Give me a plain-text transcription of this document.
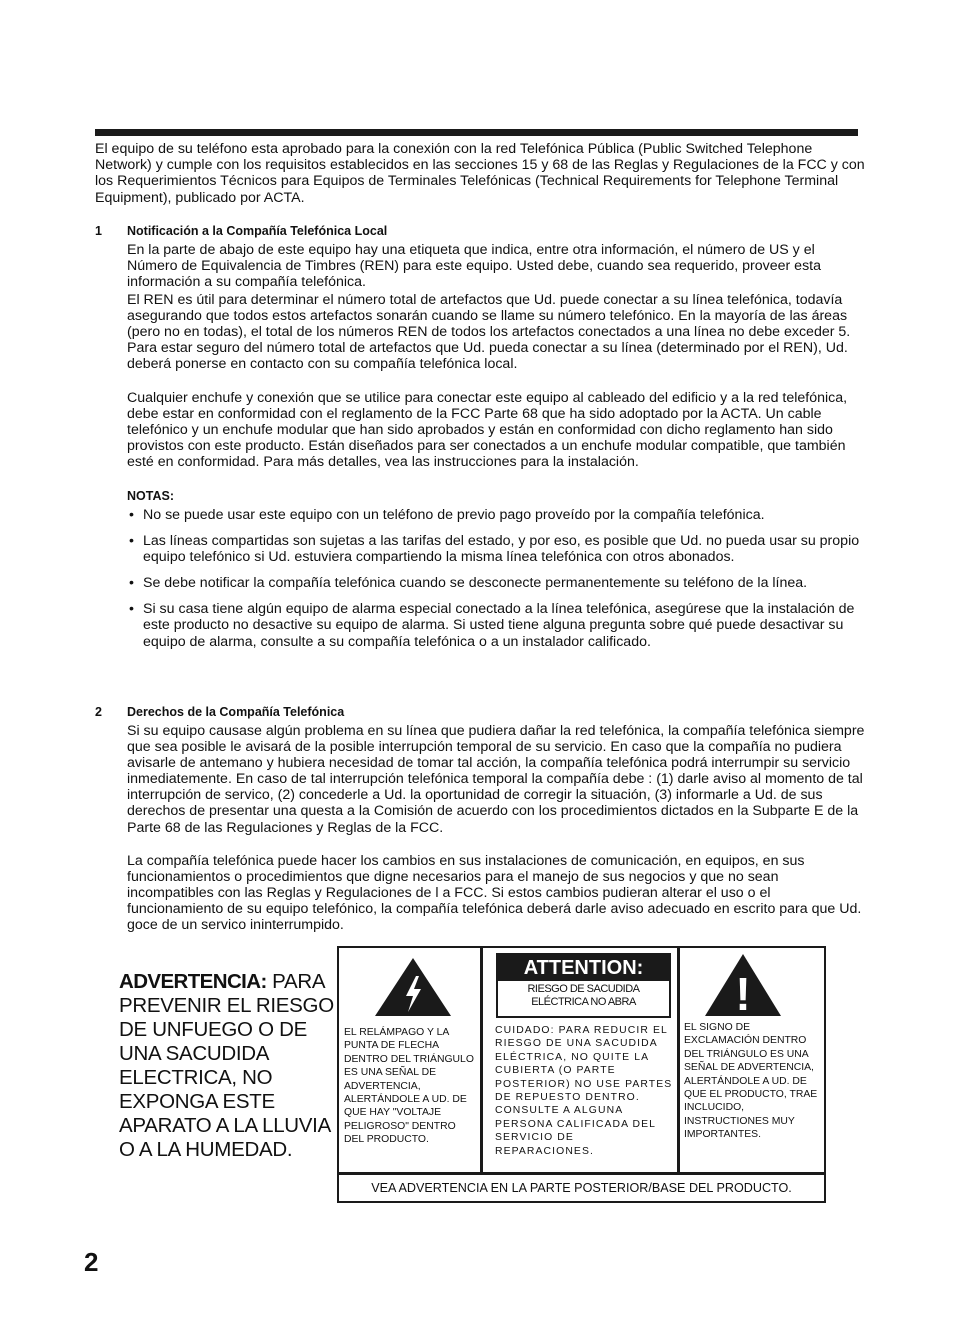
El equipo de su teléfono esta aprobado para la conexión con la red Telefónica Pública (Public Switched Telephone Network) y cumple con los requisitos establecidos en las secciones 15 y 68 de las Reglas y Regulaciones de la FCC y con los Requerimientos Técnicos para Equipos de Terminales Telefónicas (Technical Requirements for Telephone Terminal Equipment), publicado por ACTA.
1 Notificación a la Compañía Telefónica Local
En la parte de abajo de este equipo hay una etiqueta que indica, entre otra información, el número de US y el Número de Equivalencia de Timbres (REN) para este equipo. Usted debe, cuando sea requerido, proveer esta información a su compañía telefónica.
El REN es útil para determinar el número total de artefactos que Ud. puede conectar a su línea telefónica, todavía asegurando que todos estos artefactos sonarán cuando se llame su número telefónico. En la mayoría de las áreas (pero no en todas), el total de los números REN de todos los artefactos conectados a una línea no debe exceder 5. Para estar seguro del número total de artefactos que Ud. pueda conectar a su línea (determinado por el REN), Ud. deberá ponerse en contacto con su compañía telefónica local.
Cualquier enchufe y conexión que se utilice para conectar este equipo al cableado del edificio y a la red telefónica, debe estar en conformidad con el reglamento de la FCC Parte 68 que ha sido adoptado por la ACTA. Un cable telefónico y un enchufe modular que han sido aprobados y están en conformidad con dicho reglamento han sido provistos con este producto. Están diseñados para ser conectados a un enchufe modular compatible, que también esté en conformidad. Para más detalles, vea las instrucciones para la instalación.
NOTAS:
• No se puede usar este equipo con un teléfono de previo pago proveído por la compañía telefónica.
• Las líneas compartidas son sujetas a las tarifas del estado, y por eso, es posible que Ud. no pueda usar su propio equipo telefónico si Ud. estuviera compartiendo la misma línea telefónica con otros abonados.
• Se debe notificar la compañía telefónica cuando se desconecte permanentemente su teléfono de la línea.
• Si su casa tiene algún equipo de alarma especial conectado a la línea telefónica, asegúrese que la instalación de este producto no desactive su equipo de alarma. Si usted tiene alguna pregunta sobre qué puede desactivar su equipo de alarma, consulte a su compañía telefónica o a un instalador calificado.
2 Derechos de la Compañía Telefónica
Si su equipo causase algún problema en su línea que pudiera dañar la red telefónica, la compañía telefónica siempre que sea posible le avisará de la posible interrupción temporal de su servicio. En caso que la compañía no pudiera avisarle de antemano y hubiera necesidad de tomar tal acción, la compañía telefónica podrá interrumpir su servicio inmediatemente. En caso de tal interrupción telefónica temporal la compañía debe : (1) darle aviso al momento de tal interrupción de servico, (2) concederle a Ud. la oportunidad de corregir la situación, (3) informarle a Ud. de sus derechos de presentar una questa a la Comisión de acuerdo con los procedimientos dictados en la Subparte E de la Parte 68 de las Regulaciones y Reglas de la FCC.
La compañía telefónica puede hacer los cambios en sus instalaciones de comunicación, en equipos, en sus funcionamientos o procedimientos que digne necesarios para el manejo de sus negocios y que no sean incompatibles con las Reglas y Regulaciones de l a FCC. Si estos cambios pudieran alterar el uso o el funcionamiento de su equipo telefónico, la compañía telefónica deberá darle aviso adecuado en escrito para que Ud. goce de un servico ininterrumpido.
ADVERTENCIA: PARA PREVENIR EL RIESGO DE UNFUEGO O DE UNA SACUDIDA ELECTRICA, NO EXPONGA ESTE APARATO A LA LLUVIA O A LA HUMEDAD.
EL RELÁMPAGO Y LA PUNTA DE FLECHA DENTRO DEL TRIÁNGULO ES UNA SEÑAL DE ADVERTENCIA, ALERTÁNDOLE A UD. DE QUE HAY "VOLTAJE PELIGROSO" DENTRO DEL PRODUCTO.
ATTENTION:
RIESGO DE SACUDIDA ELÉCTRICA NO ABRA
CUIDADO: PARA REDUCIR EL RIESGO DE UNA SACUDIDA ELÉCTRICA, NO QUITE LA CUBIERTA (O PARTE POSTERIOR) NO USE PARTES DE REPUESTO DENTRO. CONSULTE A ALGUNA PERSONA CALIFICADA DEL SERVICIO DE REPARACIONES.
!
EL SIGNO DE EXCLAMACIÓN DENTRO DEL TRIÁNGULO ES UNA SEÑAL DE ADVERTENCIA, ALERTÁNDOLE A UD. DE QUE EL PRODUCTO, TRAE INCLUCIDO, INSTRUCTIONES MUY IMPORTANTES.
VEA ADVERTENCIA EN LA PARTE POSTERIOR/BASE DEL PRODUCTO.
2
